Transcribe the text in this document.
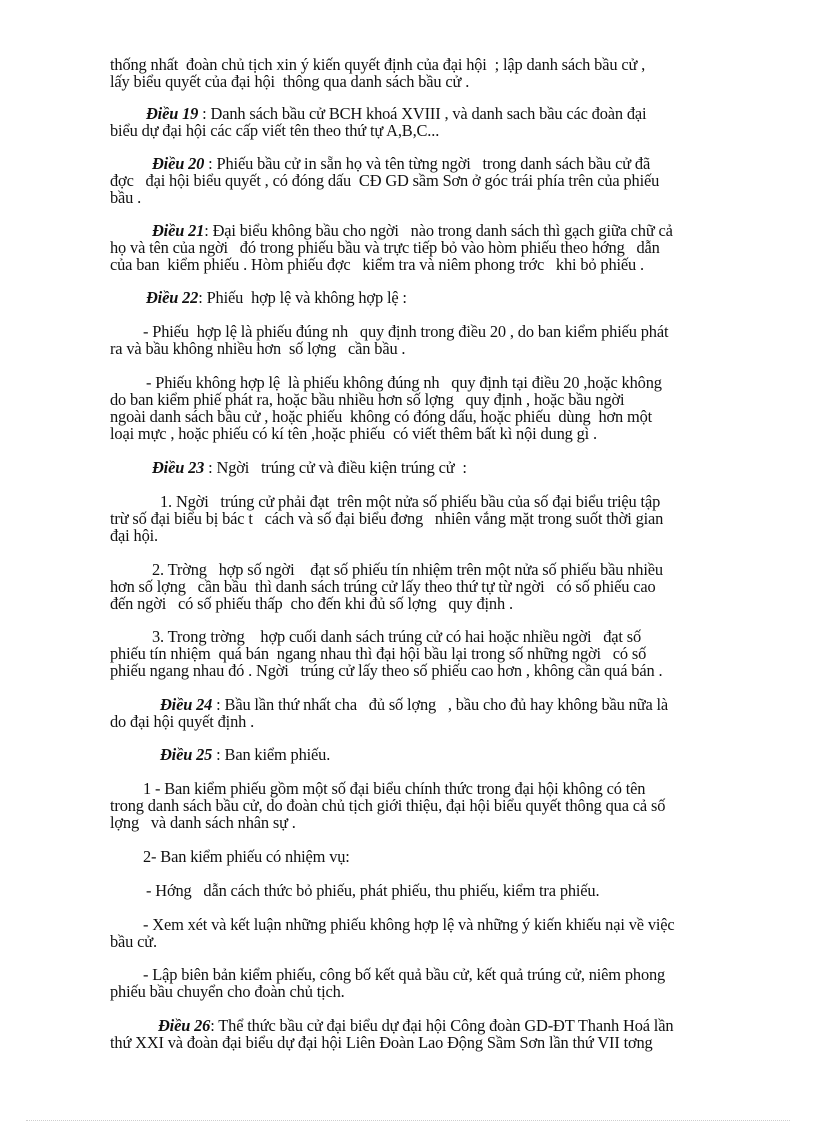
thống nhất  đoàn chủ tịch xin ý kiến quyết định của đại hội  ; lập danh sách bầu cử ,
lấy biểu quyết của đại hội  thông qua danh sách bầu cử .
Điều 19 : Danh sách bầu cử BCH khoá XVIII , và danh sach bầu các đoàn đại
biểu dự đại hội các cấp viết tên theo thứ tự A,B,C...
Điều 20 : Phiếu bầu cử in sẵn họ và tên từng ngời   trong danh sách bầu cử đã
đợc   đại hội biểu quyết , có đóng dấu  CĐ GD sầm Sơn ở góc trái phía trên của phiếu
bầu .
Điều 21: Đại biểu không bầu cho ngời   nào trong danh sách thì gạch giữa chữ cả
họ và tên của ngời   đó trong phiếu bầu và trực tiếp bỏ vào hòm phiếu theo hớng   dẫn
của ban  kiểm phiếu . Hòm phiếu đợc   kiểm tra và niêm phong trớc   khi bỏ phiếu .
Điều 22: Phiếu  hợp lệ và không hợp lệ :
- Phiếu  hợp lệ là phiếu đúng nh   quy định trong điều 20 , do ban kiểm phiếu phát
ra và bầu không nhiều hơn  số lợng   cần bầu .
- Phiếu không hợp lệ  là phiếu không đúng nh   quy định tại điều 20 ,hoặc không
do ban kiểm phiế phát ra, hoặc bầu nhiều hơn số lợng   quy định , hoặc bầu ngời
ngoài danh sách bầu cử , hoặc phiếu  không có đóng dấu, hoặc phiếu  dùng  hơn một
loại mực , hoặc phiếu có kí tên ,hoặc phiếu  có viết thêm bất kì nội dung gì .
Điều 23 : Ngời   trúng cử và điều kiện trúng cử  :
1. Ngời   trúng cử phải đạt  trên một nửa số phiếu bầu của số đại biểu triệu tập
trừ số đại biểu bị bác t   cách và số đại biểu đơng   nhiên vắng mặt trong suốt thời gian
đại hội.
2. Trờng   hợp số ngời    đạt số phiếu tín nhiệm trên một nửa số phiếu bầu nhiều
hơn số lợng   cần bầu  thì danh sách trúng cử lấy theo thứ tự từ ngời   có số phiếu cao
đến ngời   có số phiếu thấp  cho đến khi đủ số lợng   quy định .
3. Trong trờng    hợp cuối danh sách trúng cử có hai hoặc nhiều ngời   đạt số
phiếu tín nhiệm  quá bán  ngang nhau thì đại hội bầu lại trong số những ngời   có số
phiếu ngang nhau đó . Ngời   trúng cử lấy theo số phiếu cao hơn , không cần quá bán .
Điều 24 : Bầu lần thứ nhất cha   đủ số lợng   , bầu cho đủ hay không bầu nữa là
do đại hội quyết định .
Điều 25 : Ban kiểm phiếu.
1 - Ban kiểm phiếu gồm một số đại biểu chính thức trong đại hội không có tên
trong danh sách bầu cử, do đoàn chủ tịch giới thiệu, đại hội biểu quyết thông qua cả số
lợng   và danh sách nhân sự .
2- Ban kiểm phiếu có nhiệm vụ:
- Hớng   dẫn cách thức bỏ phiếu, phát phiếu, thu phiếu, kiểm tra phiếu.
- Xem xét và kết luận những phiếu không hợp lệ và những ý kiến khiếu nại về việc
bầu cử.
- Lập biên bản kiểm phiếu, công bố kết quả bầu cử, kết quả trúng cử, niêm phong
phiếu bầu chuyển cho đoàn chủ tịch.
Điều 26: Thể thức bầu cử đại biểu dự đại hội Công đoàn GD-ĐT Thanh Hoá lần
thứ XXI và đoàn đại biểu dự đại hội Liên Đoàn Lao Động Sầm Sơn lần thứ VII tơng
